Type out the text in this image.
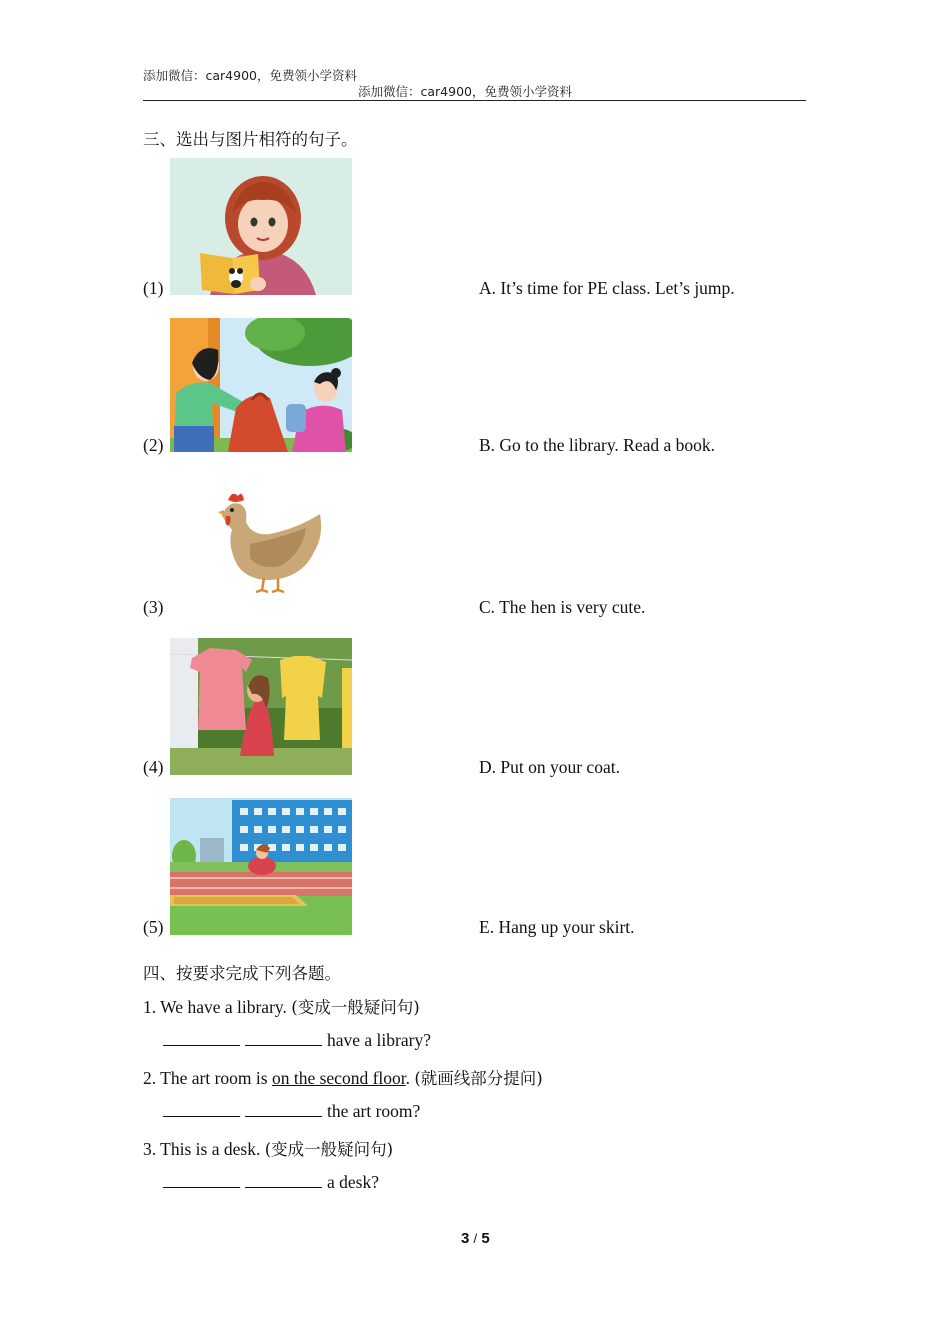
添加微信：car4900，免费领小学资料
添加微信：car4900，免费领小学资料
三、选出与图片相符的句子。
(1)
(2)
(3)
(4)
(5)
A. It’s time for PE class. Let’s jump.
B. Go to the library. Read a book.
C. The hen is very cute.
D. Put on your coat.
E. Hang up your skirt.
四、按要求完成下列各题。
1. We have a library. (变成一般疑问句)
have a library?
2. The art room is on the second floor. (就画线部分提问)
the art room?
3. This is a desk. (变成一般疑问句)
a desk?
3 / 5
